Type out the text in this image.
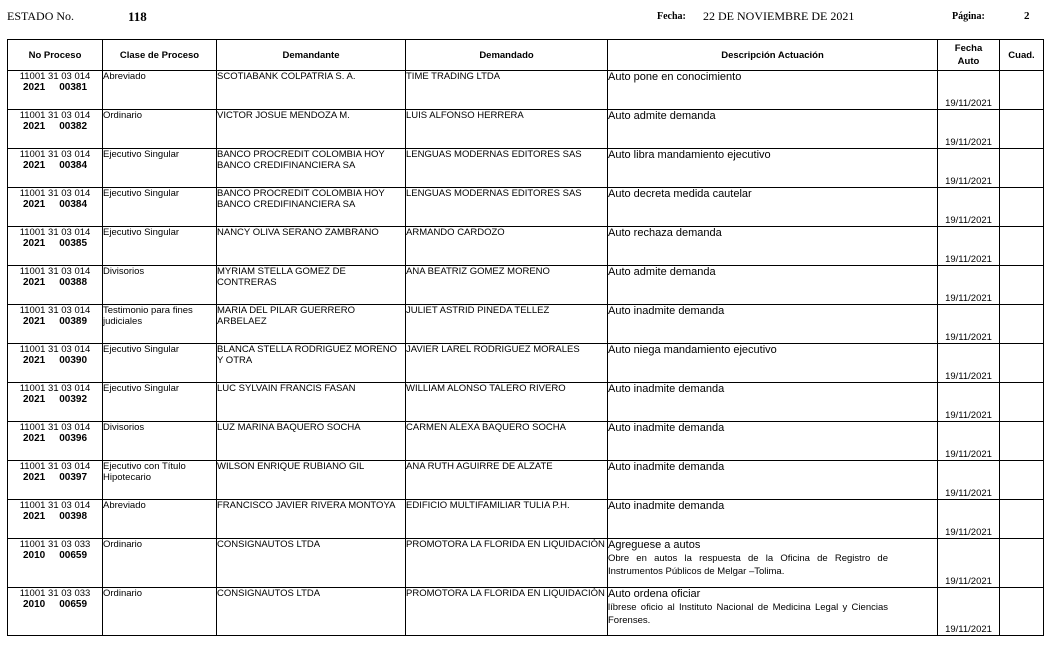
ESTADO No.	118	Fecha: 22 DE NOVIEMBRE DE 2021	Página:	2
No Proceso	Clase de Proceso	Demandante	Demandado	Descripción Actuación	Fecha
Auto	Cuad.

11001 31 03 014
2021 00381	Abreviado	SCOTIABANK COLPATRIA S. A.	TIME TRADING LTDA	Auto pone en conocimiento	19/11/2021	

11001 31 03 014
2021 00382	Ordinario	VICTOR JOSUE MENDOZA M.	LUIS ALFONSO HERRERA	Auto admite demanda	19/11/2021	

11001 31 03 014
2021 00384	Ejecutivo Singular	BANCO PROCREDIT COLOMBIA HOY BANCO CREDIFINANCIERA SA	LENGUAS MODERNAS EDITORES SAS	Auto libra mandamiento ejecutivo	19/11/2021	

11001 31 03 014
2021 00384	Ejecutivo Singular	BANCO PROCREDIT COLOMBIA HOY BANCO CREDIFINANCIERA SA	LENGUAS MODERNAS EDITORES SAS	Auto decreta medida cautelar	19/11/2021	

11001 31 03 014
2021 00385	Ejecutivo Singular	NANCY OLIVA SERANO ZAMBRANO	ARMANDO CARDOZO	Auto rechaza demanda	19/11/2021	

11001 31 03 014
2021 00388	Divisorios	MYRIAM STELLA GOMEZ DE CONTRERAS	ANA BEATRIZ GOMEZ MORENO	Auto admite demanda	19/11/2021	

11001 31 03 014
2021 00389	Testimonio para fines judiciales	MARIA DEL PILAR GUERRERO ARBELAEZ	JULIET ASTRID PINEDA TELLEZ	Auto inadmite demanda	19/11/2021	

11001 31 03 014
2021 00390	Ejecutivo Singular	BLANCA STELLA RODRIGUEZ MORENO Y OTRA	JAVIER LAREL RODRIGUEZ MORALES	Auto niega mandamiento ejecutivo	19/11/2021	

11001 31 03 014
2021 00392	Ejecutivo Singular	LUC SYLVAIN FRANCIS FASAN	WILLIAM ALONSO TALERO RIVERO	Auto inadmite demanda	19/11/2021	

11001 31 03 014
2021 00396	Divisorios	LUZ MARINA BAQUERO SOCHA	CARMEN ALEXA BAQUERO SOCHA	Auto inadmite demanda	19/11/2021	

11001 31 03 014
2021 00397	Ejecutivo con Título Hipotecario	WILSON ENRIQUE RUBIANO GIL	ANA RUTH AGUIRRE DE ALZATE	Auto inadmite demanda	19/11/2021	

11001 31 03 014
2021 00398	Abreviado	FRANCISCO JAVIER RIVERA MONTOYA	EDIFICIO MULTIFAMILIAR TULIA P.H.	Auto inadmite demanda	19/11/2021	

11001 31 03 033
2010 00659	Ordinario	CONSIGNAUTOS LTDA	PROMOTORA LA FLORIDA EN LIQUIDACIÓN	Agreguese a autos
Obre en autos la respuesta de la Oficina de Registro de Instrumentos Públicos de Melgar –Tolima.	19/11/2021	

11001 31 03 033
2010 00659	Ordinario	CONSIGNAUTOS LTDA	PROMOTORA LA FLORIDA EN LIQUIDACIÓN	Auto ordena oficiar
líbrese oficio al Instituto Nacional de Medicina Legal y Ciencias Forenses.	19/11/2021	
